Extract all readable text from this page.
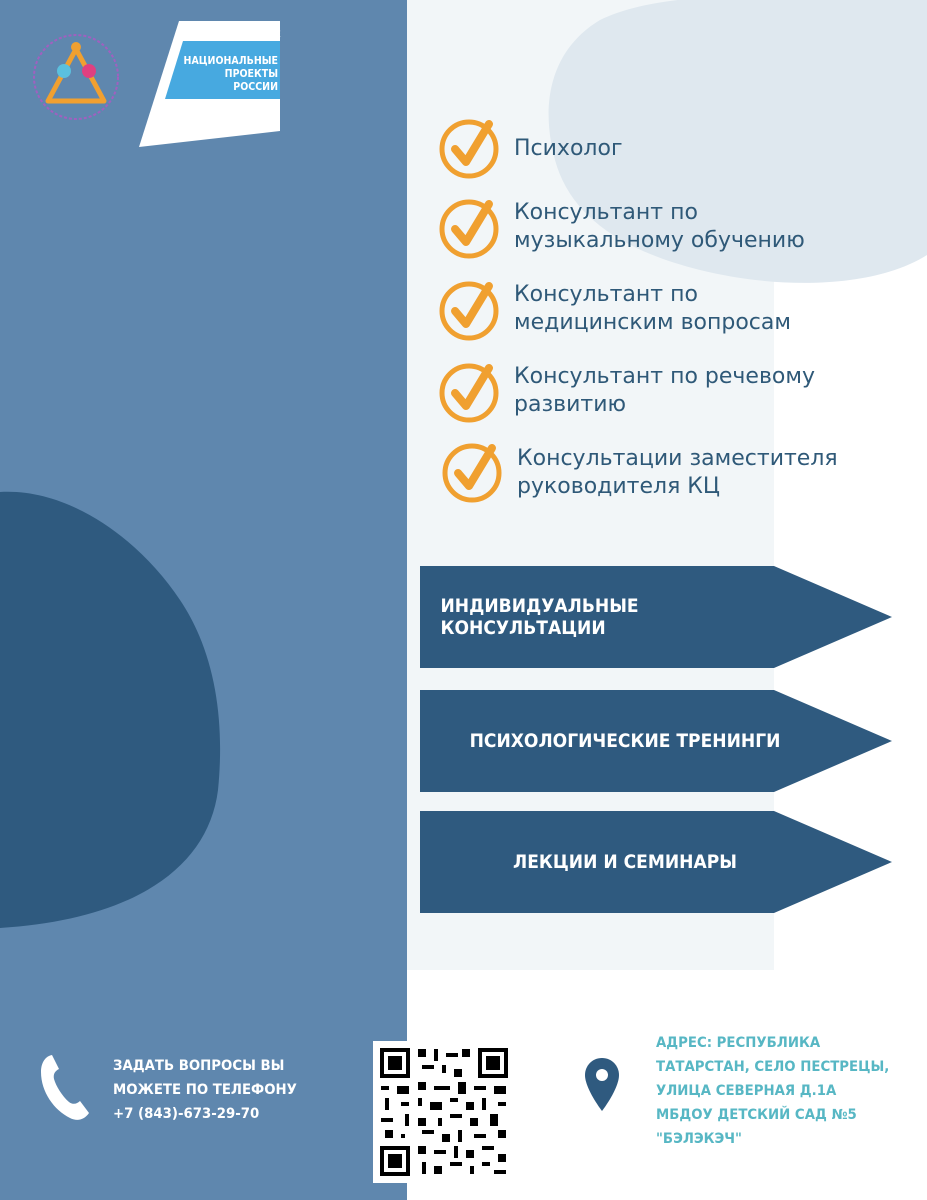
ОБРАЗОВАНИЕ
НАЦИОНАЛЬНЫЕ ПРОЕКТЫ РОССИИ
Психолог
Консультант по
музыкальному обучению
Консультант по
медицинским вопросам
Консультант по речевому
развитию
Консультации заместителя
руководителя КЦ
ИНДИВИДУАЛЬНЫЕ КОНСУЛЬТАЦИИ
ПСИХОЛОГИЧЕСКИЕ ТРЕНИНГИ
ЛЕКЦИИ И СЕМИНАРЫ
ЗАДАТЬ ВОПРОСЫ ВЫ
МОЖЕТЕ ПО ТЕЛЕФОНУ
+7 (843)-673-29-70
АДРЕС: РЕСПУБЛИКА
ТАТАРСТАН, СЕЛО ПЕСТРЕЦЫ,
УЛИЦА СЕВЕРНАЯ Д.1А
МБДОУ ДЕТСКИЙ САД №5
"БЭЛЭКЭЧ"
